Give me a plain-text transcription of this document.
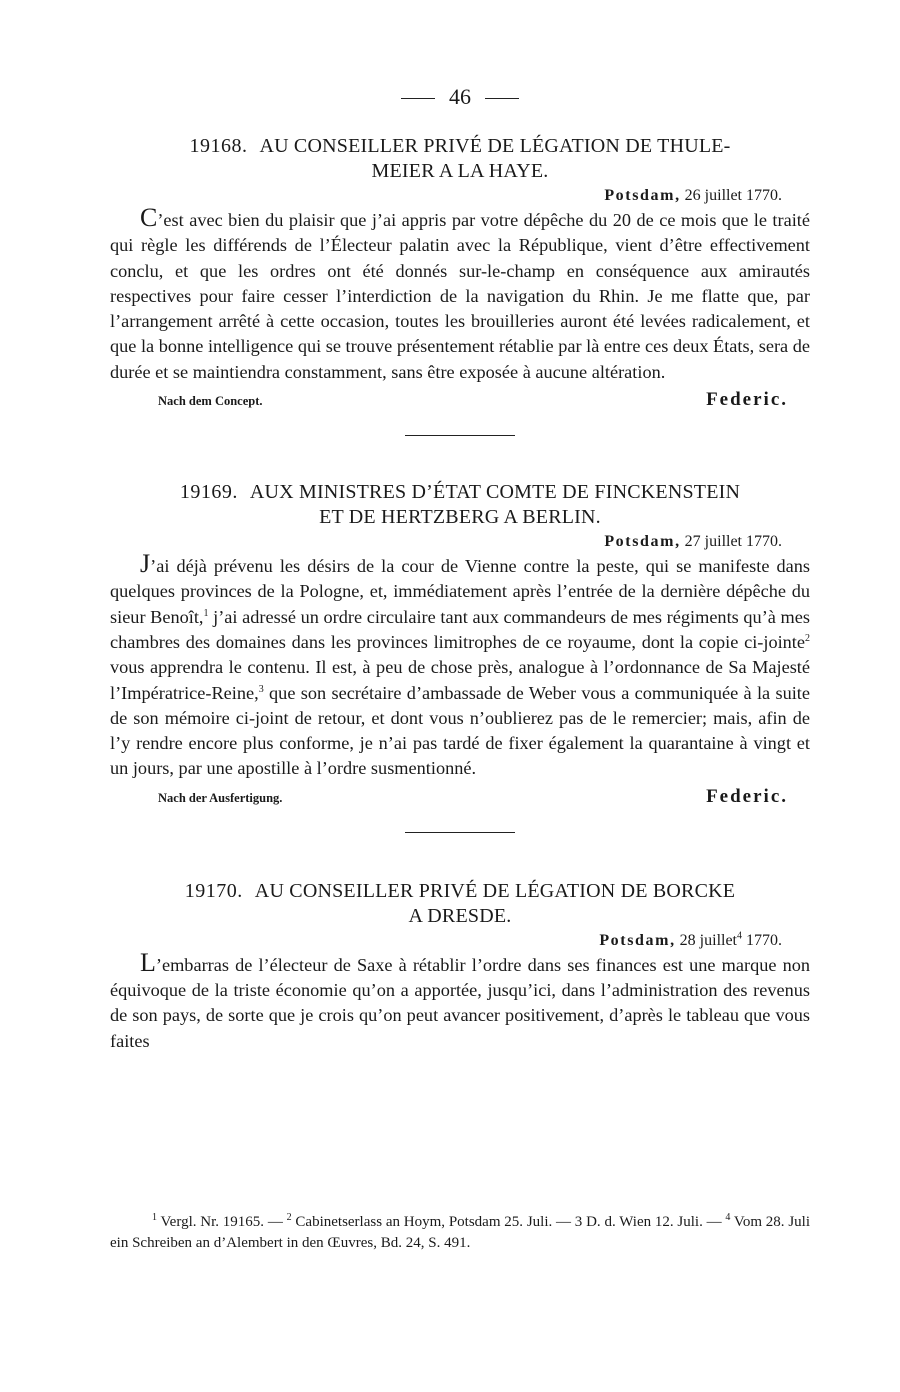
46
19168. AU CONSEILLER PRIVÉ DE LÉGATION DE THULE-
MEIER A LA HAYE.
Potsdam, 26 juillet 1770.

C’est avec bien du plaisir que j’ai appris par votre dépêche du 20 de ce mois que le traité qui règle les différends de l’Électeur palatin avec la République, vient d’être effectivement conclu, et que les ordres ont été donnés sur-le-champ en conséquence aux amirautés respectives pour faire cesser l’interdiction de la navigation du Rhin. Je me flatte que, par l’arrangement arrêté à cette occasion, toutes les brouilleries auront été levées radicalement, et que la bonne intelligence qui se trouve présentement rétablie par là entre ces deux États, sera de durée et se maintiendra constamment, sans être exposée à aucune altération.

Nach dem Concept.	Federic.
19169. AUX MINISTRES D’ÉTAT COMTE DE FINCKENSTEIN
ET DE HERTZBERG A BERLIN.
Potsdam, 27 juillet 1770.

J’ai déjà prévenu les désirs de la cour de Vienne contre la peste, qui se manifeste dans quelques provinces de la Pologne, et, immédiatement après l’entrée de la dernière dépêche du sieur Benoît,$^1$ j’ai adressé un ordre circulaire tant aux commandeurs de mes régiments qu’à mes chambres des domaines dans les provinces limitrophes de ce royaume, dont la copie ci-jointe$^2$ vous apprendra le contenu. Il est, à peu de chose près, analogue à l’ordonnance de Sa Majesté l’Impératrice-Reine,$^3$ que son secrétaire d’ambassade de Weber vous a communiquée à la suite de son mémoire ci-joint de retour, et dont vous n’oublierez pas de le remercier; mais, afin de l’y rendre encore plus conforme, je n’ai pas tardé de fixer également la quarantaine à vingt et un jours, par une apostille à l’ordre susmentionné.

Nach der Ausfertigung.	Federic.
19170. AU CONSEILLER PRIVÉ DE LÉGATION DE BORCKE
A DRESDE.
Potsdam, 28 juillet$^4$ 1770.

L’embarras de l’électeur de Saxe à rétablir l’ordre dans ses finances est une marque non équivoque de la triste économie qu’on a apportée, jusqu’ici, dans l’administration des revenus de son pays, de sorte que je crois qu’on peut avancer positivement, d’après le tableau que vous faites

$^1$ Vergl. Nr. 19165. — $^2$ Cabinetserlass an Hoym, Potsdam 25. Juli. — 3 D. d. Wien 12. Juli. — $^4$ Vom 28. Juli ein Schreiben an d’Alembert in den Œuvres, Bd. 24, S. 491.
